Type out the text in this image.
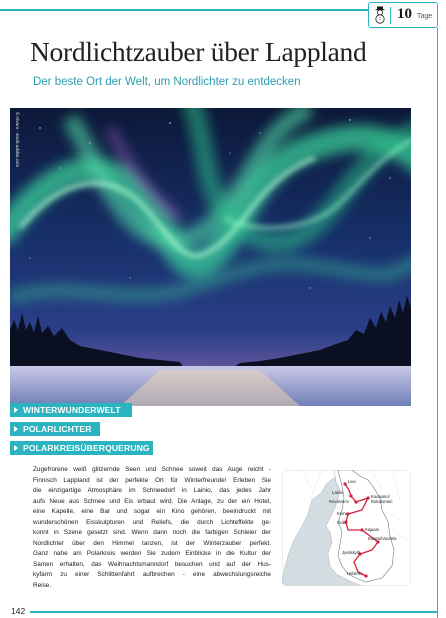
10 Tage
Nordlichtzauber über Lappland
Der beste Ort der Welt, um Nordlichter zu entdecken
© Alvaro - stock.adobe.com
WINTERWUNDERWELT
POLARLICHTER
POLARKREISÜBERQUERUNG
Zugefrorene weiß glitzernde Seen und Schnee soweit das Auge reicht -
Finnisch Lappland ist der perfekte Ort für Winterfreunde! Erleben Sie
die einzigartige Atmosphäre im Schneedorf in Lainio, das jedes Jahr
aufs Neue aus Schnee und Eis erbaut wird. Die Anlage, zu der ein Hotel,
eine Kapelle, eine Bar und sogar ein Kino gehören, beeindruckt mit
wunderschönen Eisskulpturen und Reliefs, die durch Lichteffekte ge-
konnt in Szene gesetzt sind. Wenn dann noch die farbigen Schleier der
Nordlichter über den Himmel tanzen, ist der Winterzauber perfekt.
Ganz nahe am Polarkreis werden Sie zudem Einblicke in die Kultur der
Samen erhalten, das Weihnachtsmanndorf besuchen und auf der Hus-
kyfarm zu einer Schlittenfahrt aufbrechen - eine abwechslungsreiche
Reise.
Levi
Lainio
Rovaniemi
Kuusamo/
Rukatunturi
Kemi
Oulu
Kajaani
Kuopio/Vuorela
Jyväskylä
Helsinki
142
